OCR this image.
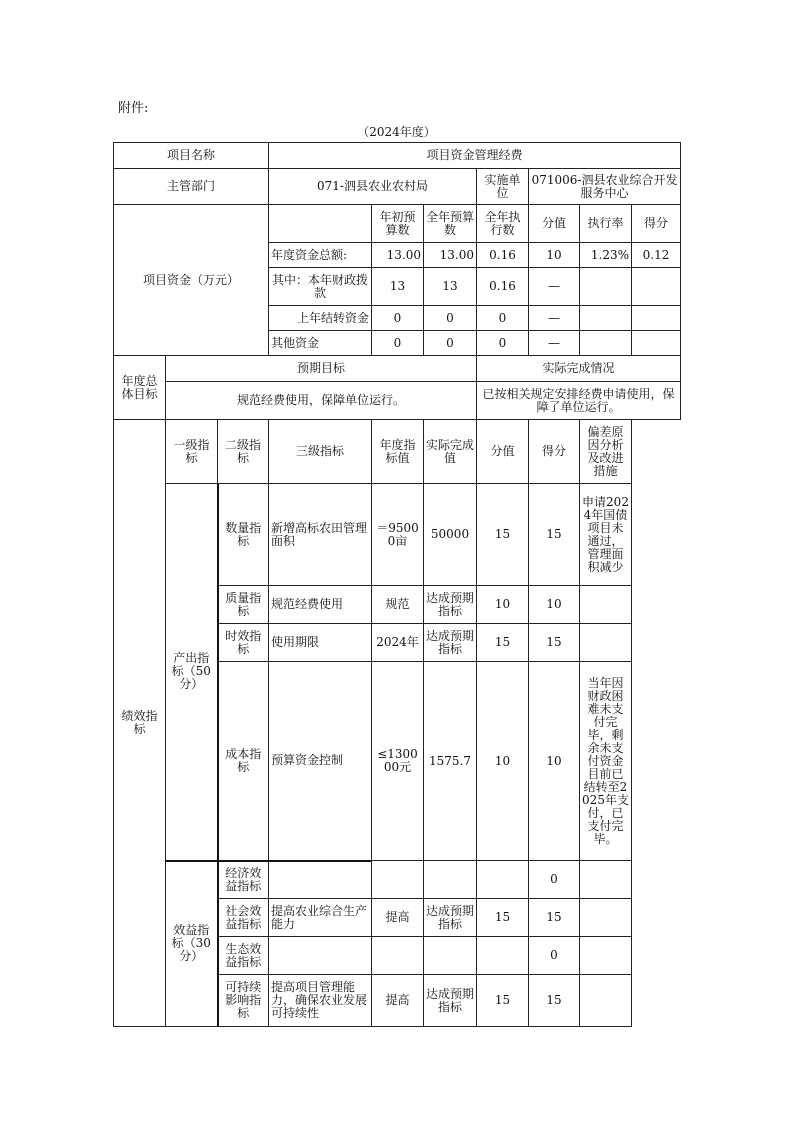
附件:
（2024年度）
项目名称			项目资金管理经费						
主管部门			071-泗县农业农村局			实施单位	071006-泗县农业综合开发服务中心		
项目资金（万元）				年初预算数	全年预算数	全年执行数	分值	执行率	得分
			年度资金总额:	13.00	13.00	0.16	10	1.23%	0.12
			其中：本年财政拨款	13	13	0.16	—		
			上年结转资金	0	0	0	—		
			其他资金	0	0	0	—		
年度总体目标	预期目标					实际完成情况			
	规范经费使用，保障单位运行。					已按相关规定安排经费申请使用，保障了单位运行。			
绩效指标	一级指标	二级指标	三级指标	年度指标值	实际完成值	分值	得分	偏差原因分析及改进措施	
	产出指标（50分）	数量指标	新增高标农田管理面积	＝95000亩	50000	15	15	申请2024年国债项目未通过，管理面积减少	
		质量指标	规范经费使用	规范	达成预期指标	10	10		
		时效指标	使用期限	2024年	达成预期指标	15	15		
		成本指标	预算资金控制	≤130000元	1575.7	10	10	当年因财政困难未支付完毕，剩余未支付资金目前已结转至2025年支付，已支付完毕。	
	效益指标（30分）	经济效益指标					0		
		社会效益指标	提高农业综合生产能力	提高	达成预期指标	15	15		
		生态效益指标					0		
		可持续影响指标	提高项目管理能力，确保农业发展可持续性	提高	达成预期指标	15	15		
